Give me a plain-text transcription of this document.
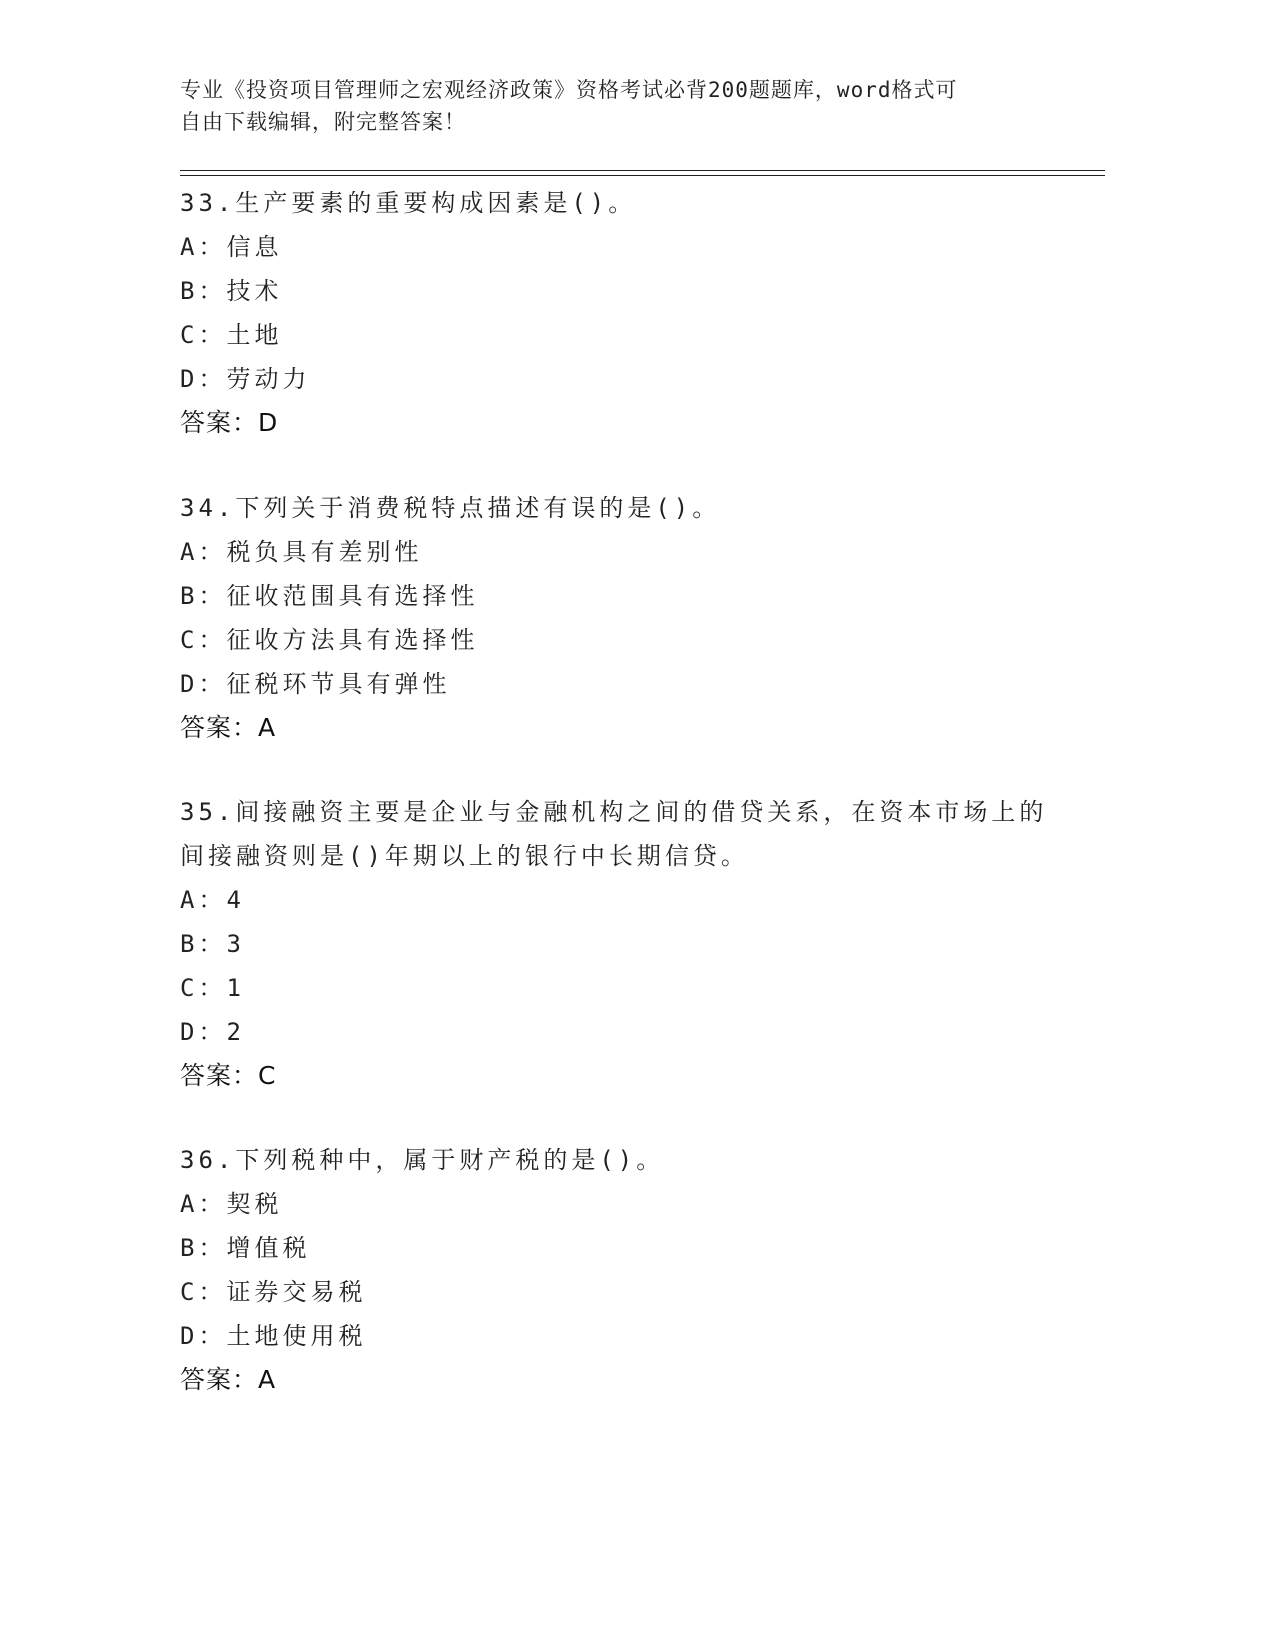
专业《投资项目管理师之宏观经济政策》资格考试必背200题题库，word格式可
自由下载编辑，附完整答案！
33.生产要素的重要构成因素是()。
A：信息
B：技术
C：土地
D：劳动力
答案：D
34.下列关于消费税特点描述有误的是()。
A：税负具有差别性
B：征收范围具有选择性
C：征收方法具有选择性
D：征税环节具有弹性
答案：A
35.间接融资主要是企业与金融机构之间的借贷关系，在资本市场上的
间接融资则是()年期以上的银行中长期信贷。
A：4
B：3
C：1
D：2
答案：C
36.下列税种中，属于财产税的是()。
A：契税
B：增值税
C：证券交易税
D：土地使用税
答案：A
